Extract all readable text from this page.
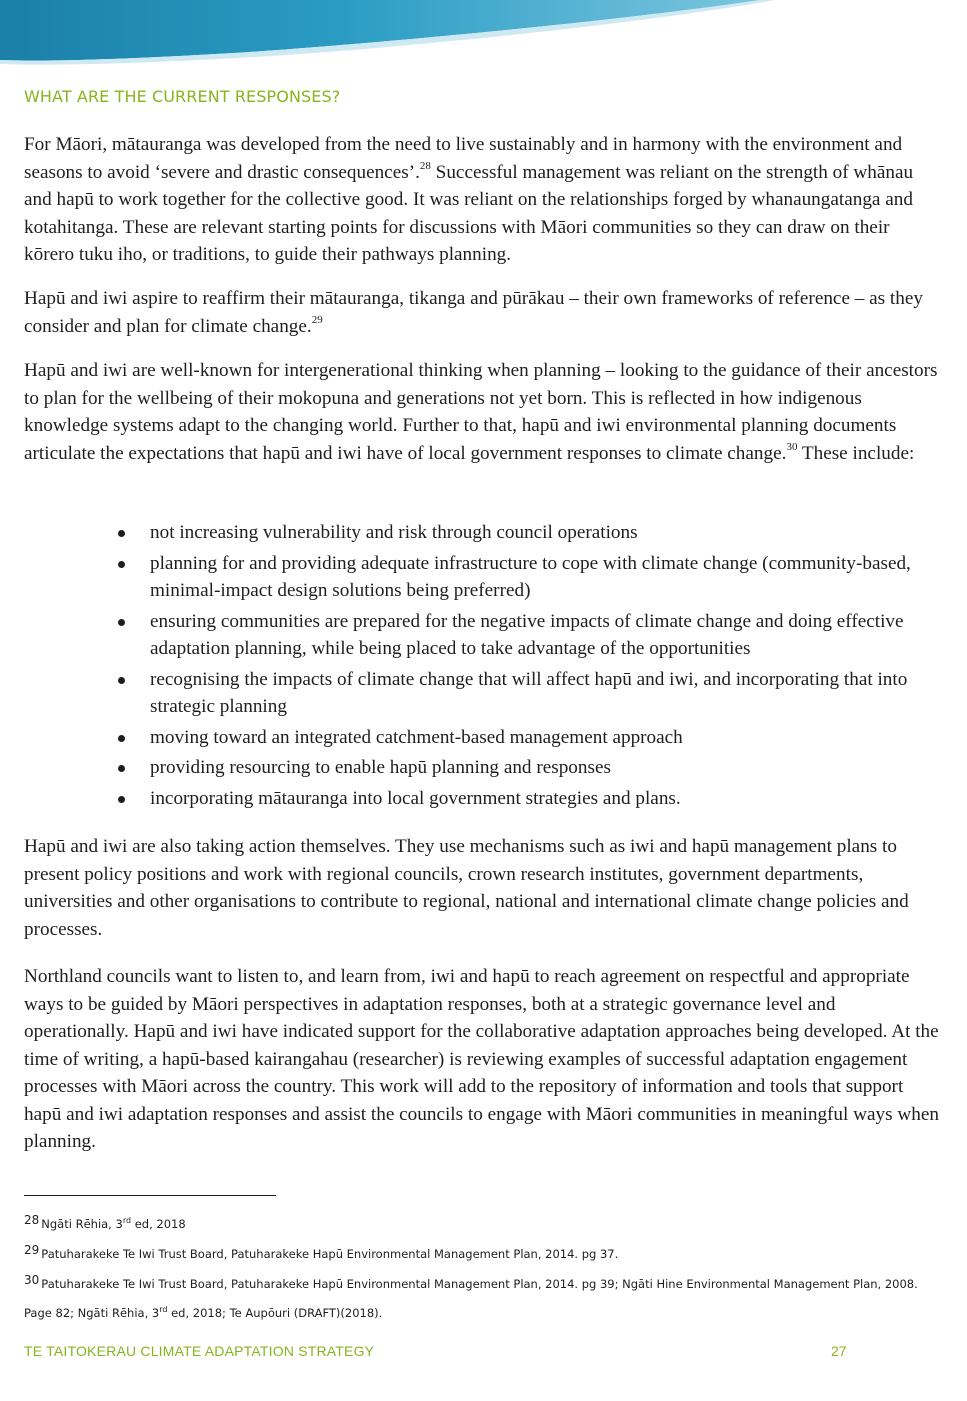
WHAT ARE THE CURRENT RESPONSES?

For Māori, mātauranga was developed from the need to live sustainably and in harmony with the environment and seasons to avoid ‘severe and drastic consequences’.$^{28}$ Successful management was reliant on the strength of whānau and hapū to work together for the collective good. It was reliant on the relationships forged by whanaungatanga and kotahitanga. These are relevant starting points for discussions with Māori communities so they can draw on their kōrero tuku iho, or traditions, to guide their pathways planning.

Hapū and iwi aspire to reaffirm their mātauranga, tikanga and pūrākau – their own frameworks of reference – as they consider and plan for climate change.$^{29}$

Hapū and iwi are well-known for intergenerational thinking when planning – looking to the guidance of their ancestors to plan for the wellbeing of their mokopuna and generations not yet born. This is reflected in how indigenous knowledge systems adapt to the changing world. Further to that, hapū and iwi environmental planning documents articulate the expectations that hapū and iwi have of local government responses to climate change.$^{30}$ These include:

not increasing vulnerability and risk through council operations
planning for and providing adequate infrastructure to cope with climate change (community-based, minimal-impact design solutions being preferred)
ensuring communities are prepared for the negative impacts of climate change and doing effective adaptation planning, while being placed to take advantage of the opportunities
recognising the impacts of climate change that will affect hapū and iwi, and incorporating that into strategic planning
moving toward an integrated catchment-based management approach
providing resourcing to enable hapū planning and responses
incorporating mātauranga into local government strategies and plans.

Hapū and iwi are also taking action themselves. They use mechanisms such as iwi and hapū management plans to present policy positions and work with regional councils, crown research institutes, government departments, universities and other organisations to contribute to regional, national and international climate change policies and processes.

Northland councils want to listen to, and learn from, iwi and hapū to reach agreement on respectful and appropriate ways to be guided by Māori perspectives in adaptation responses, both at a strategic governance level and operationally. Hapū and iwi have indicated support for the collaborative adaptation approaches being developed. At the time of writing, a hapū-based kairangahau (researcher) is reviewing examples of successful adaptation engagement processes with Māori across the country. This work will add to the repository of information and tools that support hapū and iwi adaptation responses and assist the councils to engage with Māori communities in meaningful ways when planning.

28 Ngāti Rēhia, 3rd ed, 2018

29 Patuharakeke Te Iwi Trust Board, Patuharakeke Hapū Environmental Management Plan, 2014. pg 37.

30 Patuharakeke Te Iwi Trust Board, Patuharakeke Hapū Environmental Management Plan, 2014. pg 39; Ngāti Hine Environmental Management Plan, 2008. Page 82; Ngāti Rēhia, 3rd ed, 2018; Te Aupōuri (DRAFT)(2018).

TE TAITOKERAU CLIMATE ADAPTATION STRATEGY	27
